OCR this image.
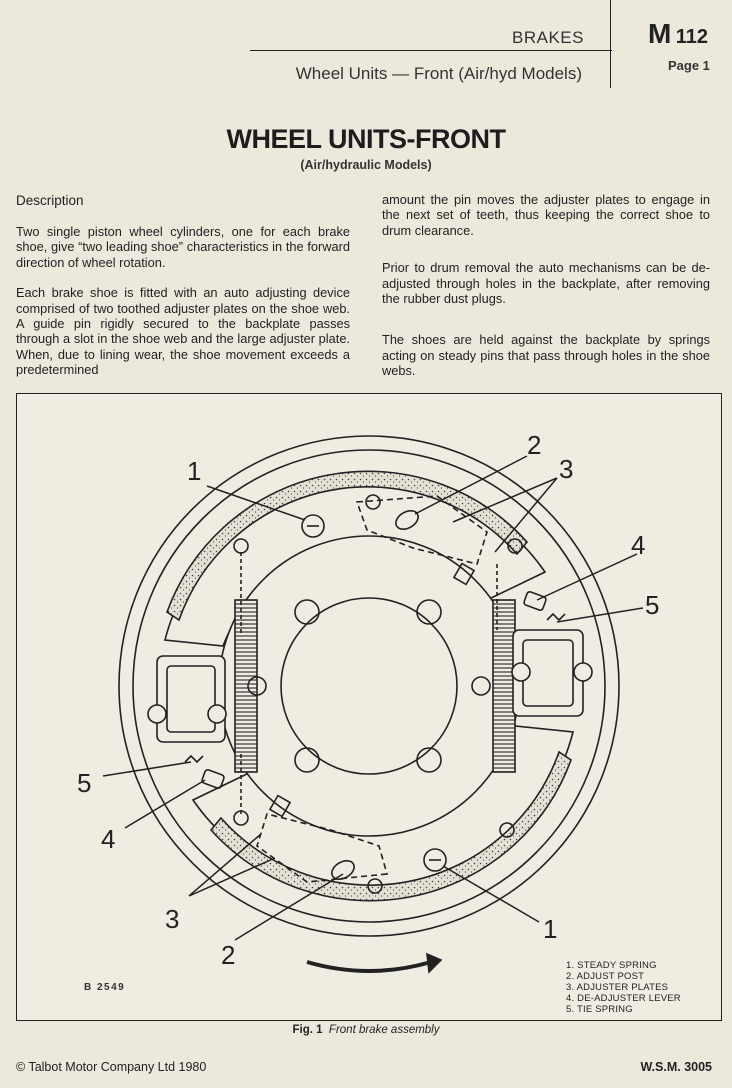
BRAKES
Wheel Units — Front (Air/hyd Models)
M 112
Page 1
WHEEL UNITS-FRONT
(Air/hydraulic Models)
Description

Two single piston wheel cylinders, one for each brake shoe, give “two leading shoe” characteristics in the forward direction of wheel rotation.

Each brake shoe is fitted with an auto adjusting device comprised of two toothed adjuster plates on the shoe web. A guide pin rigidly secured to the backplate passes through a slot in the shoe web and the large adjuster plate. When, due to lining wear, the shoe movement exceeds a predetermined

amount the pin moves the adjuster plates to engage in the next set of teeth, thus keeping the correct shoe to drum clearance.

Prior to drum removal the auto mechanisms can be de-adjusted through holes in the backplate, after removing the rubber dust plugs.

The shoes are held against the backplate by springs acting on steady pins that pass through holes in the shoe webs.

1
2
3
4
5
5
4
3
2
1
B 2549
1. STEADY SPRING
2. ADJUST POST
3. ADJUSTER PLATES
4. DE-ADJUSTER LEVER
5. TIE SPRING
Fig. 1 Front brake assembly
© Talbot Motor Company Ltd 1980	W.S.M. 3005
